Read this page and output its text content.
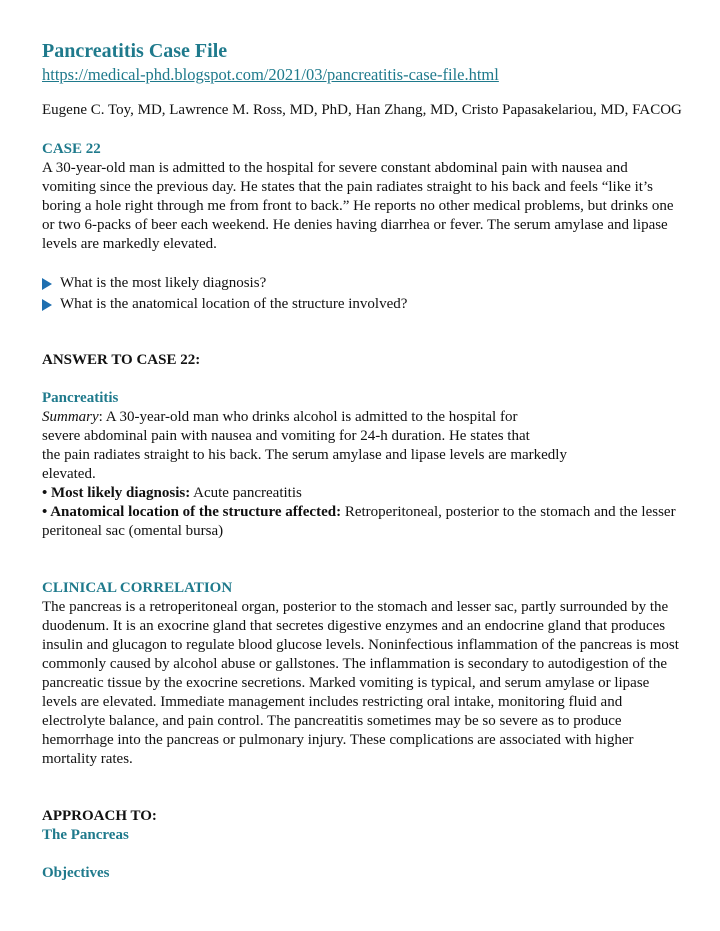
Pancreatitis Case File
https://medical-phd.blogspot.com/2021/03/pancreatitis-case-file.html
Eugene C. Toy, MD, Lawrence M. Ross, MD, PhD, Han Zhang, MD, Cristo Papasakelariou, MD, FACOG
CASE 22
A 30-year-old man is admitted to the hospital for severe constant abdominal pain with nausea and vomiting since the previous day. He states that the pain radiates straight to his back and feels “like it’s boring a hole right through me from front to back.” He reports no other medical problems, but drinks one or two 6-packs of beer each weekend. He denies having diarrhea or fever. The serum amylase and lipase levels are markedly elevated.
What is the most likely diagnosis?
What is the anatomical location of the structure involved?
ANSWER TO CASE 22:
Pancreatitis
Summary: A 30-year-old man who drinks alcohol is admitted to the hospital for
severe abdominal pain with nausea and vomiting for 24-h duration. He states that
the pain radiates straight to his back. The serum amylase and lipase levels are markedly
elevated.
• Most likely diagnosis: Acute pancreatitis
• Anatomical location of the structure affected: Retroperitoneal, posterior to the stomach and the lesser peritoneal sac (omental bursa)
CLINICAL CORRELATION
The pancreas is a retroperitoneal organ, posterior to the stomach and lesser sac, partly surrounded by the duodenum. It is an exocrine gland that secretes digestive enzymes and an endocrine gland that produces insulin and glucagon to regulate blood glucose levels. Noninfectious inflammation of the pancreas is most commonly caused by alcohol abuse or gallstones. The inflammation is secondary to autodigestion of the pancreatic tissue by the exocrine secretions. Marked vomiting is typical, and serum amylase or lipase levels are elevated. Immediate management includes restricting oral intake, monitoring fluid and electrolyte balance, and pain control. The pancreatitis sometimes may be so severe as to produce hemorrhage into the pancreas or pulmonary injury. These complications are associated with higher mortality rates.
APPROACH TO:
The Pancreas
Objectives
